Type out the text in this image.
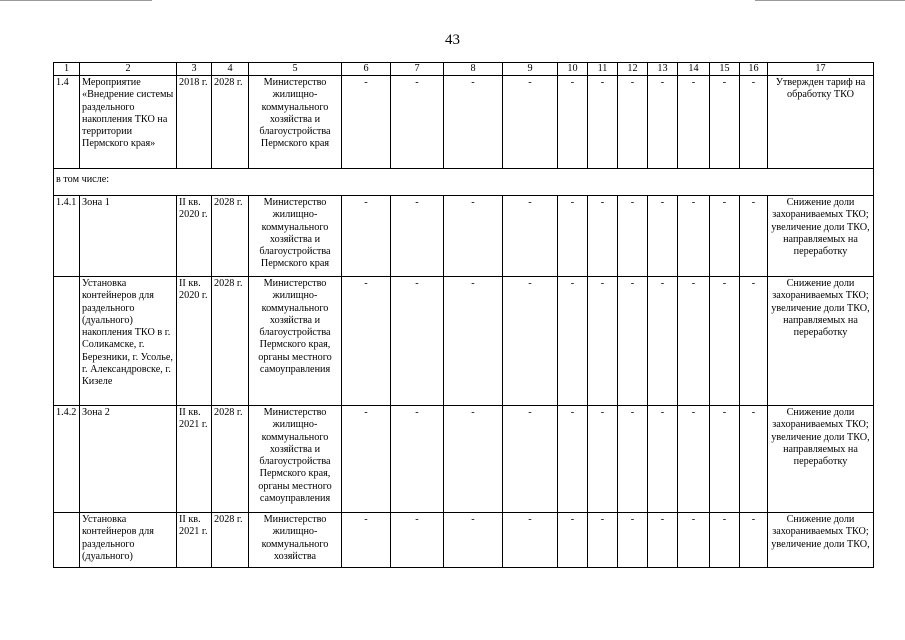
43
1	2	3	4	5	6	7	8	9	10	11	12	13	14	15	16	17
1.4	Мероприятие «Внедрение системы раздельного накопления ТКО на территории Пермского края»	2018 г.	2028 г.	Министерство жилищно-коммунального хозяйства и благоустройства Пермского края	-	-	-	-	-	-	-	-	-	-	-	Утвержден тариф на обработку ТКО
в том числе:																
1.4.1	Зона 1	II кв. 2020 г.	2028 г.	Министерство жилищно-коммунального хозяйства и благоустройства Пермского края	-	-	-	-	-	-	-	-	-	-	-	Снижение доли захораниваемых ТКО; увеличение доли ТКО, направляемых на переработку
	Установка контейнеров для раздельного (дуального) накопления ТКО в г. Соликамске, г. Березники, г. Усолье, г. Александровске, г. Кизеле	II кв. 2020 г.	2028 г.	Министерство жилищно-коммунального хозяйства и благоустройства Пермского края, органы местного самоуправления	-	-	-	-	-	-	-	-	-	-	-	Снижение доли захораниваемых ТКО; увеличение доли ТКО, направляемых на переработку
1.4.2	Зона 2	II кв. 2021 г.	2028 г.	Министерство жилищно-коммунального хозяйства и благоустройства Пермского края, органы местного самоуправления	-	-	-	-	-	-	-	-	-	-	-	Снижение доли захораниваемых ТКО; увеличение доли ТКО, направляемых на переработку
	Установка контейнеров для раздельного (дуального)	II кв. 2021 г.	2028 г.	Министерство жилищно-коммунального хозяйства	-	-	-	-	-	-	-	-	-	-	-	Снижение доли захораниваемых ТКО; увеличение доли ТКО,
